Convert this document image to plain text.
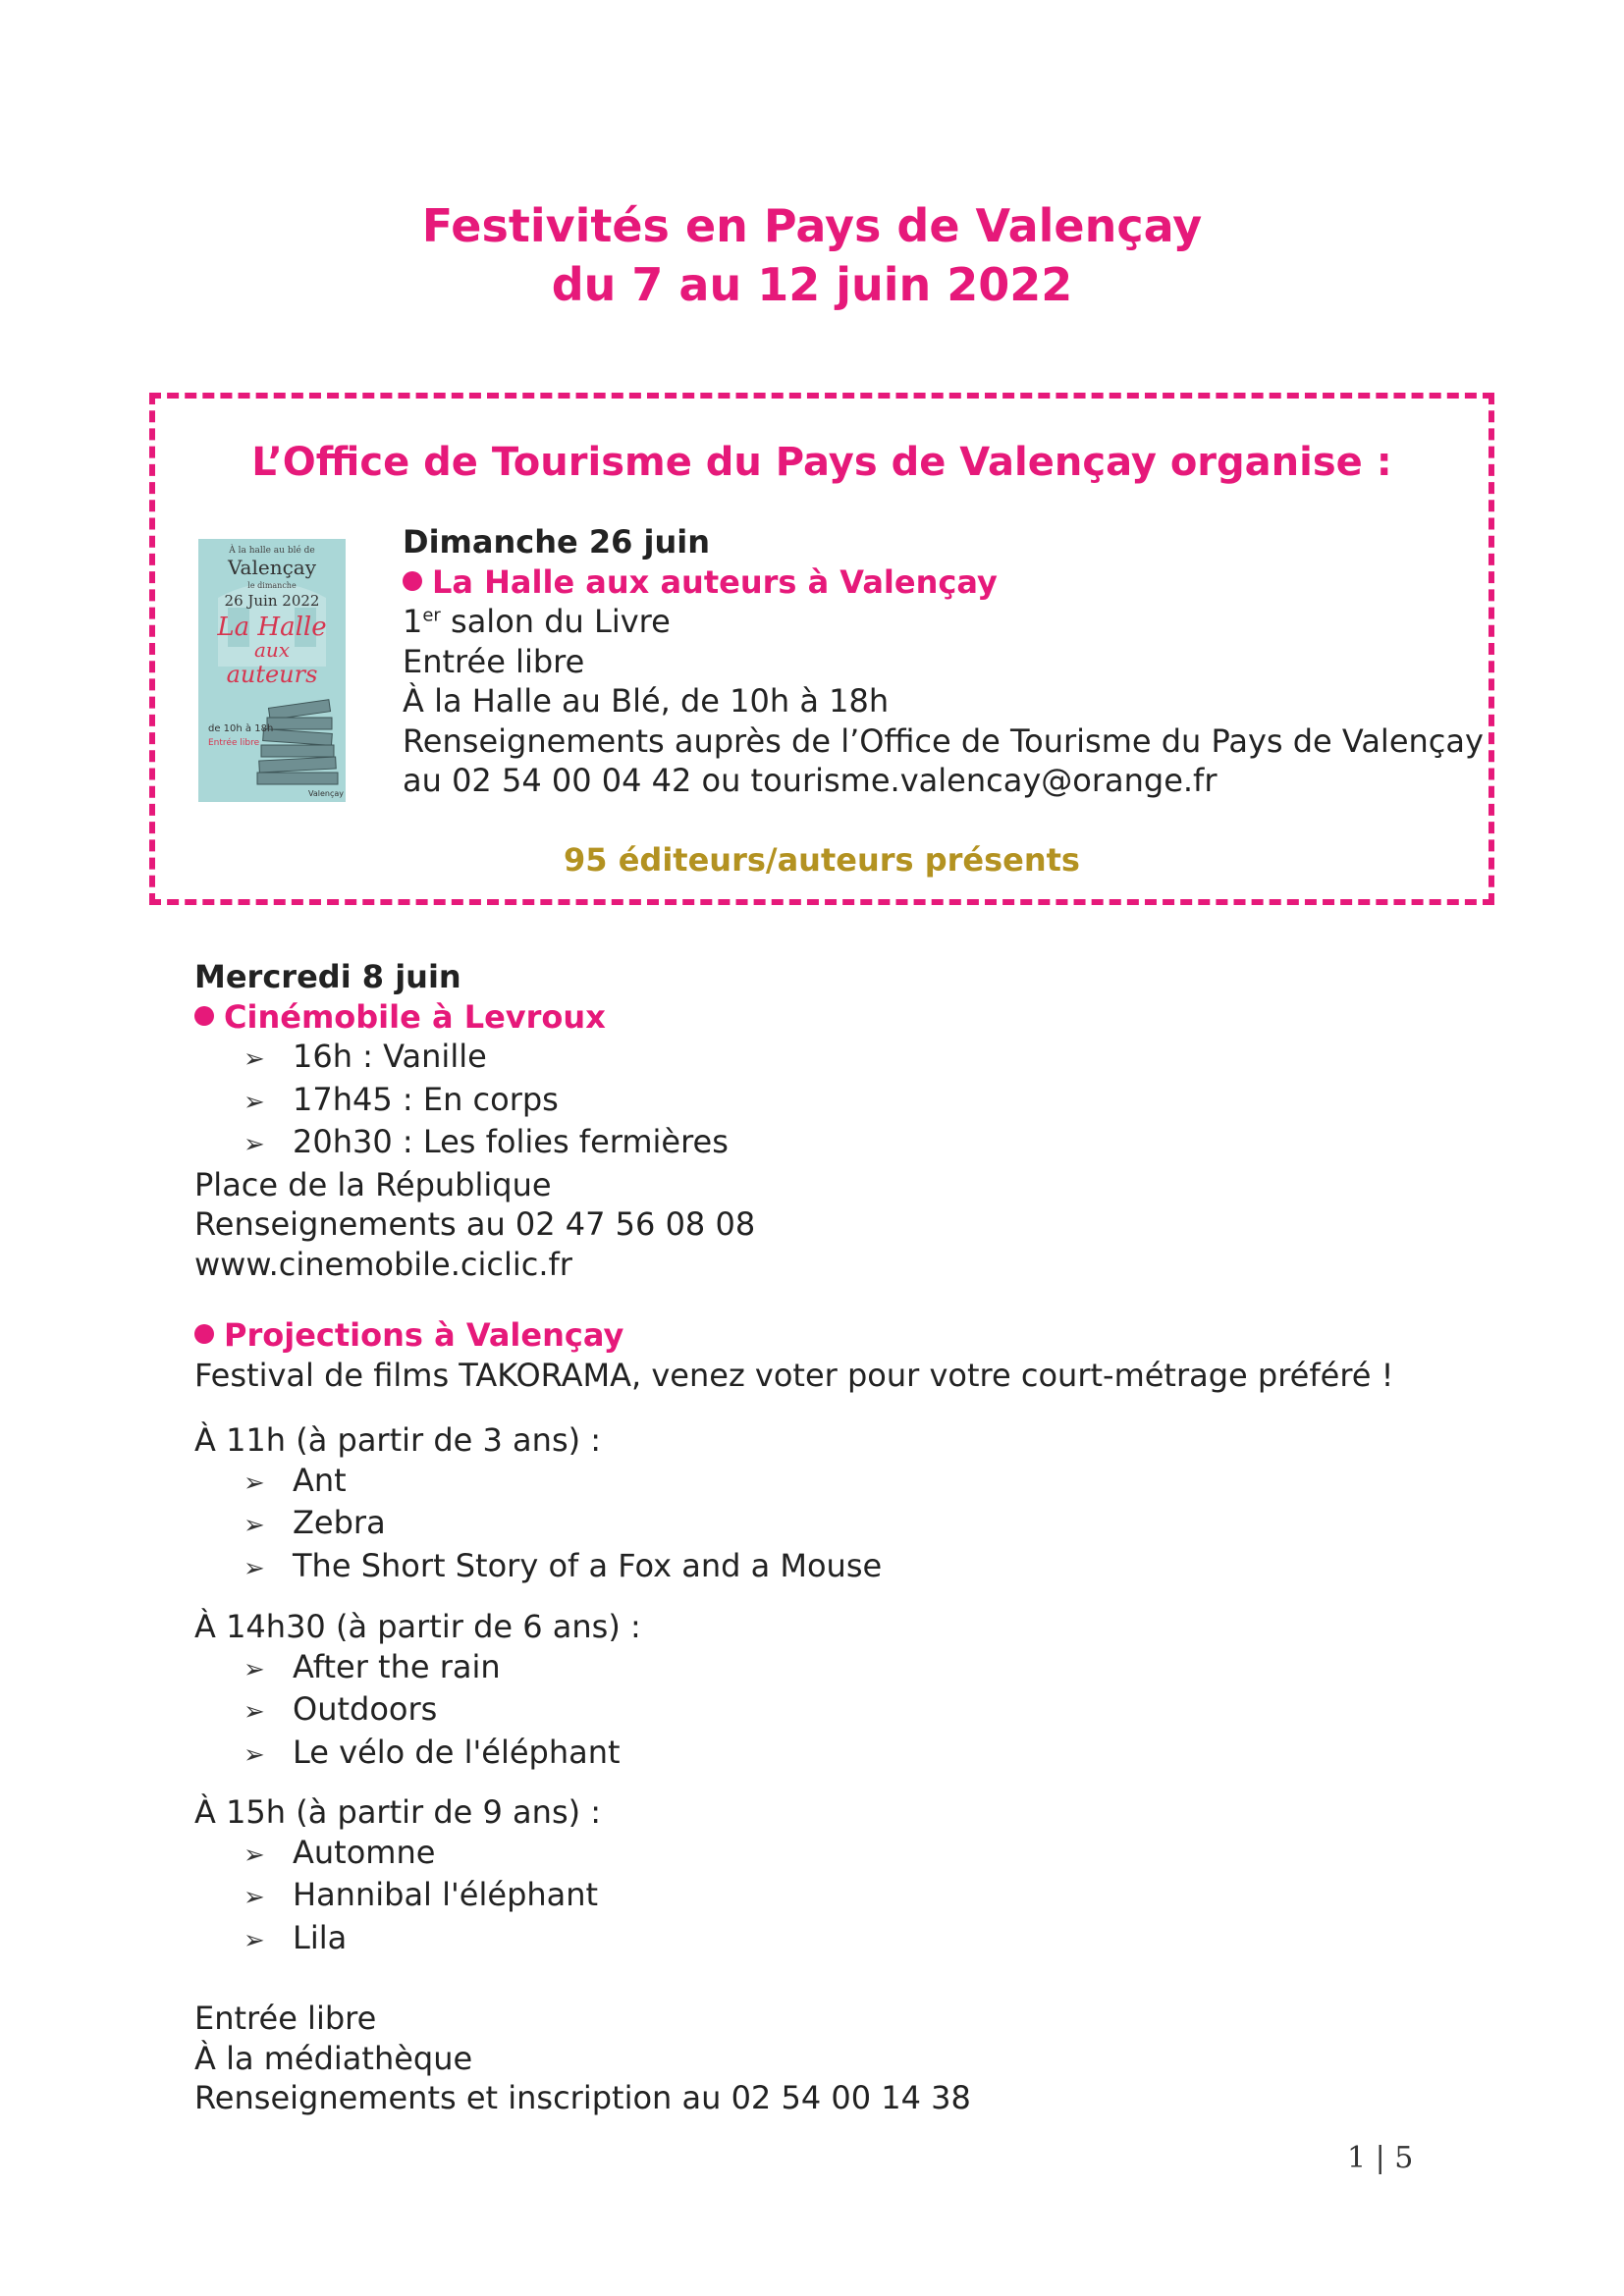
Festivités en Pays de Valençay
du 7 au 12 juin 2022
L’Office de Tourisme du Pays de Valençay organise :
À la halle au blé de
Valençay
le dimanche
26 Juin 2022
La Halle
aux
auteurs
de 10h à 18h
Entrée libre
Valençay
Dimanche 26 juin
La Halle aux auteurs à Valençay
1er salon du Livre
Entrée libre
À la Halle au Blé, de 10h à 18h
Renseignements auprès de l’Office de Tourisme du Pays de Valençay
au 02 54 00 04 42 ou tourisme.valencay@orange.fr
95 éditeurs/auteurs présents
Mercredi 8 juin
Cinémobile à Levroux
➢ 16h : Vanille
➢ 17h45 : En corps
➢ 20h30 : Les folies fermières
Place de la République
Renseignements au 02 47 56 08 08
www.cinemobile.ciclic.fr
Projections à Valençay
Festival de films TAKORAMA, venez voter pour votre court-métrage préféré !
À 11h (à partir de 3 ans) :
➢ Ant
➢ Zebra
➢ The Short Story of a Fox and a Mouse
À 14h30 (à partir de 6 ans) :
➢ After the rain
➢ Outdoors
➢ Le vélo de l'éléphant
À 15h (à partir de 9 ans) :
➢ Automne
➢ Hannibal l'éléphant
➢ Lila
Entrée libre
À la médiathèque
Renseignements et inscription au 02 54 00 14 38
1 | 5
